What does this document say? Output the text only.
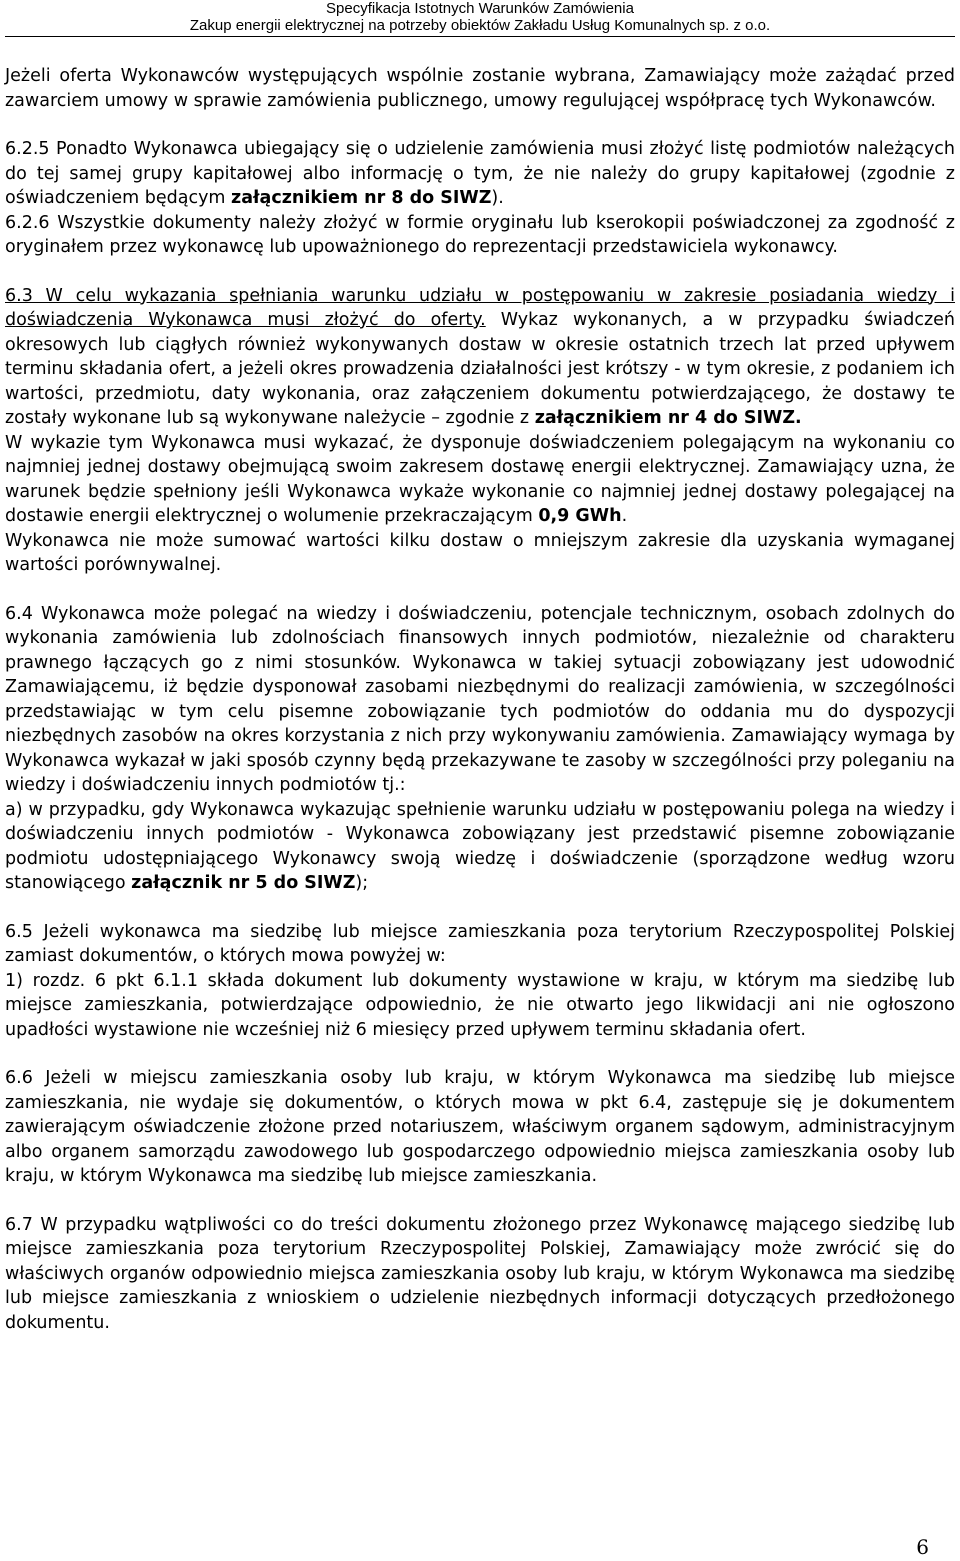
Specyfikacja Istotnych Warunków Zamówienia
Zakup energii elektrycznej na potrzeby obiektów Zakładu Usług Komunalnych sp. z o.o.

Jeżeli oferta Wykonawców występujących wspólnie zostanie wybrana, Zamawiający może zażądać przed zawarciem umowy w sprawie zamówienia publicznego, umowy regulującej współpracę tych Wykonawców.

6.2.5 Ponadto Wykonawca ubiegający się o udzielenie zamówienia musi złożyć listę podmiotów należących do tej samej grupy kapitałowej albo informację o tym, że nie należy do grupy kapitałowej (zgodnie z oświadczeniem będącym załącznikiem nr 8 do SIWZ).

6.2.6 Wszystkie dokumenty należy złożyć w formie oryginału lub kserokopii poświadczonej za zgodność z oryginałem przez wykonawcę lub upoważnionego do reprezentacji przedstawiciela wykonawcy.

6.3 W celu wykazania spełniania warunku udziału w postępowaniu w zakresie posiadania wiedzy i doświadczenia Wykonawca musi złożyć do oferty. Wykaz wykonanych, a w przypadku świadczeń okresowych lub ciągłych również wykonywanych dostaw w okresie ostatnich trzech lat przed upływem terminu składania ofert, a jeżeli okres prowadzenia działalności jest krótszy - w tym okresie, z podaniem ich wartości, przedmiotu, daty wykonania, oraz załączeniem dokumentu potwierdzającego, że dostawy te zostały wykonane lub są wykonywane należycie – zgodnie z załącznikiem nr 4 do SIWZ.

W wykazie tym Wykonawca musi wykazać, że dysponuje doświadczeniem polegającym na wykonaniu co najmniej jednej dostawy obejmującą swoim zakresem dostawę energii elektrycznej. Zamawiający uzna, że warunek będzie spełniony jeśli Wykonawca wykaże wykonanie co najmniej jednej dostawy polegającej na dostawie energii elektrycznej o wolumenie przekraczającym 0,9 GWh.

Wykonawca nie może sumować wartości kilku dostaw o mniejszym zakresie dla uzyskania wymaganej wartości porównywalnej.

6.4 Wykonawca może polegać na wiedzy i doświadczeniu, potencjale technicznym, osobach zdolnych do wykonania zamówienia lub zdolnościach finansowych innych podmiotów, niezależnie od charakteru prawnego łączących go z nimi stosunków. Wykonawca w takiej sytuacji zobowiązany jest udowodnić Zamawiającemu, iż będzie dysponował zasobami niezbędnymi do realizacji zamówienia, w szczególności przedstawiając w tym celu pisemne zobowiązanie tych podmiotów do oddania mu do dyspozycji niezbędnych zasobów na okres korzystania z nich przy wykonywaniu zamówienia. Zamawiający wymaga by Wykonawca wykazał w jaki sposób czynny będą przekazywane te zasoby w szczególności przy poleganiu na wiedzy i doświadczeniu innych podmiotów tj.:

a) w przypadku, gdy Wykonawca wykazując spełnienie warunku udziału w postępowaniu polega na wiedzy i doświadczeniu innych podmiotów - Wykonawca zobowiązany jest przedstawić pisemne zobowiązanie podmiotu udostępniającego Wykonawcy swoją wiedzę i doświadczenie (sporządzone według wzoru stanowiącego załącznik nr 5 do SIWZ);

6.5 Jeżeli wykonawca ma siedzibę lub miejsce zamieszkania poza terytorium Rzeczypospolitej Polskiej zamiast dokumentów, o których mowa powyżej w:

1) rozdz. 6 pkt 6.1.1 składa dokument lub dokumenty wystawione w kraju, w którym ma siedzibę lub miejsce zamieszkania, potwierdzające odpowiednio, że nie otwarto jego likwidacji ani nie ogłoszono upadłości wystawione nie wcześniej niż 6 miesięcy przed upływem terminu składania ofert.

6.6 Jeżeli w miejscu zamieszkania osoby lub kraju, w którym Wykonawca ma siedzibę lub miejsce zamieszkania, nie wydaje się dokumentów, o których mowa w pkt 6.4, zastępuje się je dokumentem zawierającym oświadczenie złożone przed notariuszem, właściwym organem sądowym, administracyjnym albo organem samorządu zawodowego lub gospodarczego odpowiednio miejsca zamieszkania osoby lub kraju, w którym Wykonawca ma siedzibę lub miejsce zamieszkania.

6.7 W przypadku wątpliwości co do treści dokumentu złożonego przez Wykonawcę mającego siedzibę lub miejsce zamieszkania poza terytorium Rzeczypospolitej Polskiej, Zamawiający może zwrócić się do właściwych organów odpowiednio miejsca zamieszkania osoby lub kraju, w którym Wykonawca ma siedzibę lub miejsce zamieszkania z wnioskiem o udzielenie niezbędnych informacji dotyczących przedłożonego dokumentu.

6
